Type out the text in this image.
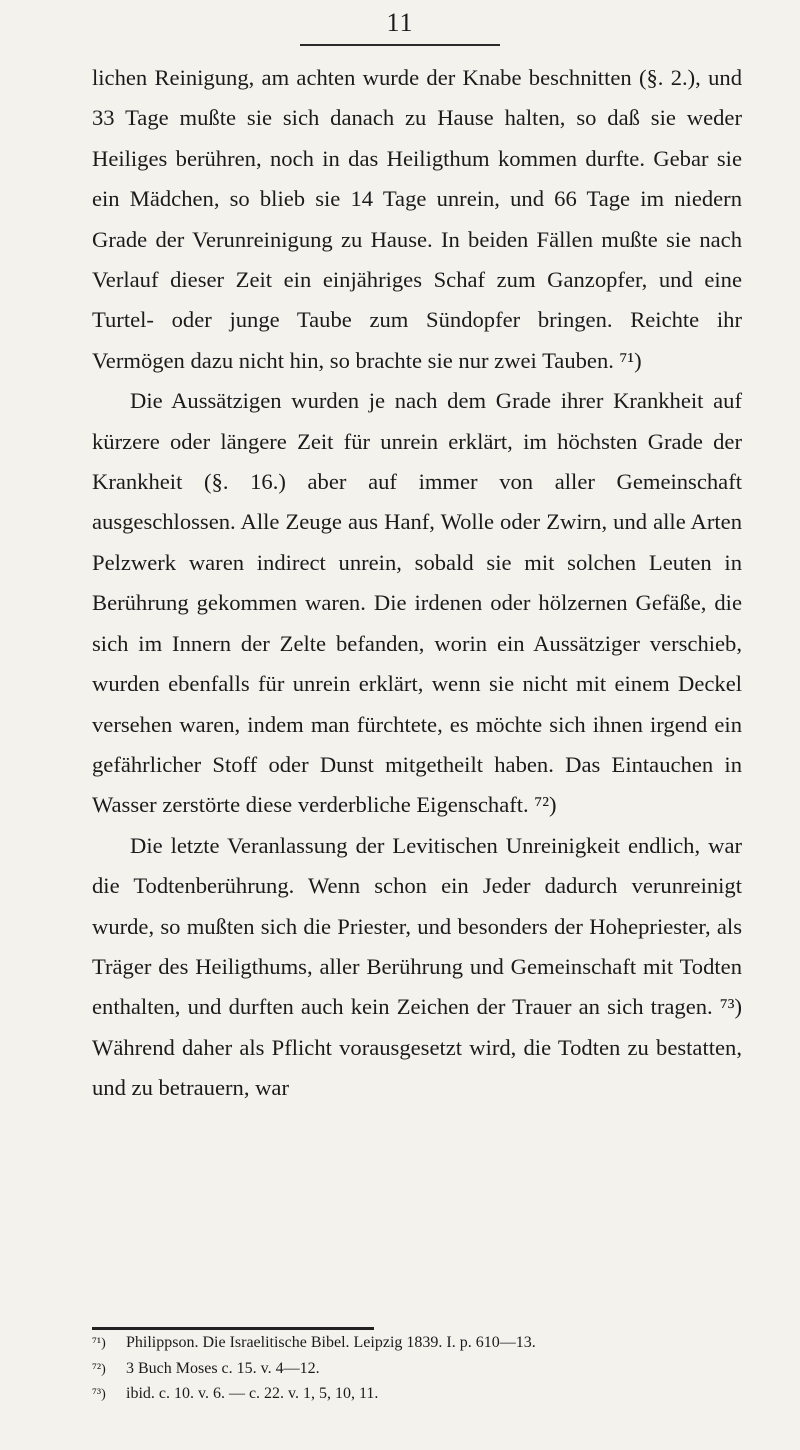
11

lichen Reinigung, am achten wurde der Knabe beschnitten (§. 2.), und 33 Tage mußte sie sich danach zu Hause halten, so daß sie weder Heiliges berühren, noch in das Heiligthum kommen durfte. Gebar sie ein Mädchen, so blieb sie 14 Tage unrein, und 66 Tage im niedern Grade der Verunreinigung zu Hause. In beiden Fällen mußte sie nach Verlauf dieser Zeit ein einjähriges Schaf zum Ganzopfer, und eine Turtel- oder junge Taube zum Sündopfer bringen. Reichte ihr Vermögen dazu nicht hin, so brachte sie nur zwei Tauben. ⁷¹)

Die Aussätzigen wurden je nach dem Grade ihrer Krankheit auf kürzere oder längere Zeit für unrein erklärt, im höchsten Grade der Krankheit (§. 16.) aber auf immer von aller Gemeinschaft ausgeschlossen. Alle Zeuge aus Hanf, Wolle oder Zwirn, und alle Arten Pelzwerk waren indirect unrein, sobald sie mit solchen Leuten in Berührung gekommen waren. Die irdenen oder hölzernen Gefäße, die sich im Innern der Zelte befanden, worin ein Aussätziger verschieb, wurden ebenfalls für unrein erklärt, wenn sie nicht mit einem Deckel versehen waren, indem man fürchtete, es möchte sich ihnen irgend ein gefährlicher Stoff oder Dunst mitgetheilt haben. Das Eintauchen in Wasser zerstörte diese verderbliche Eigenschaft. ⁷²)

Die letzte Veranlassung der Levitischen Unreinigkeit endlich, war die Todtenberührung. Wenn schon ein Jeder dadurch verunreinigt wurde, so mußten sich die Priester, und besonders der Hohepriester, als Träger des Heiligthums, aller Berührung und Gemeinschaft mit Todten enthalten, und durften auch kein Zeichen der Trauer an sich tragen. ⁷³) Während daher als Pflicht vorausgesetzt wird, die Todten zu bestatten, und zu betrauern, war

⁷¹) Philippson. Die Israelitische Bibel. Leipzig 1839. I. p. 610—13.

⁷²) 3 Buch Moses c. 15. v. 4—12.

⁷³) ibid. c. 10. v. 6. — c. 22. v. 1, 5, 10, 11.
